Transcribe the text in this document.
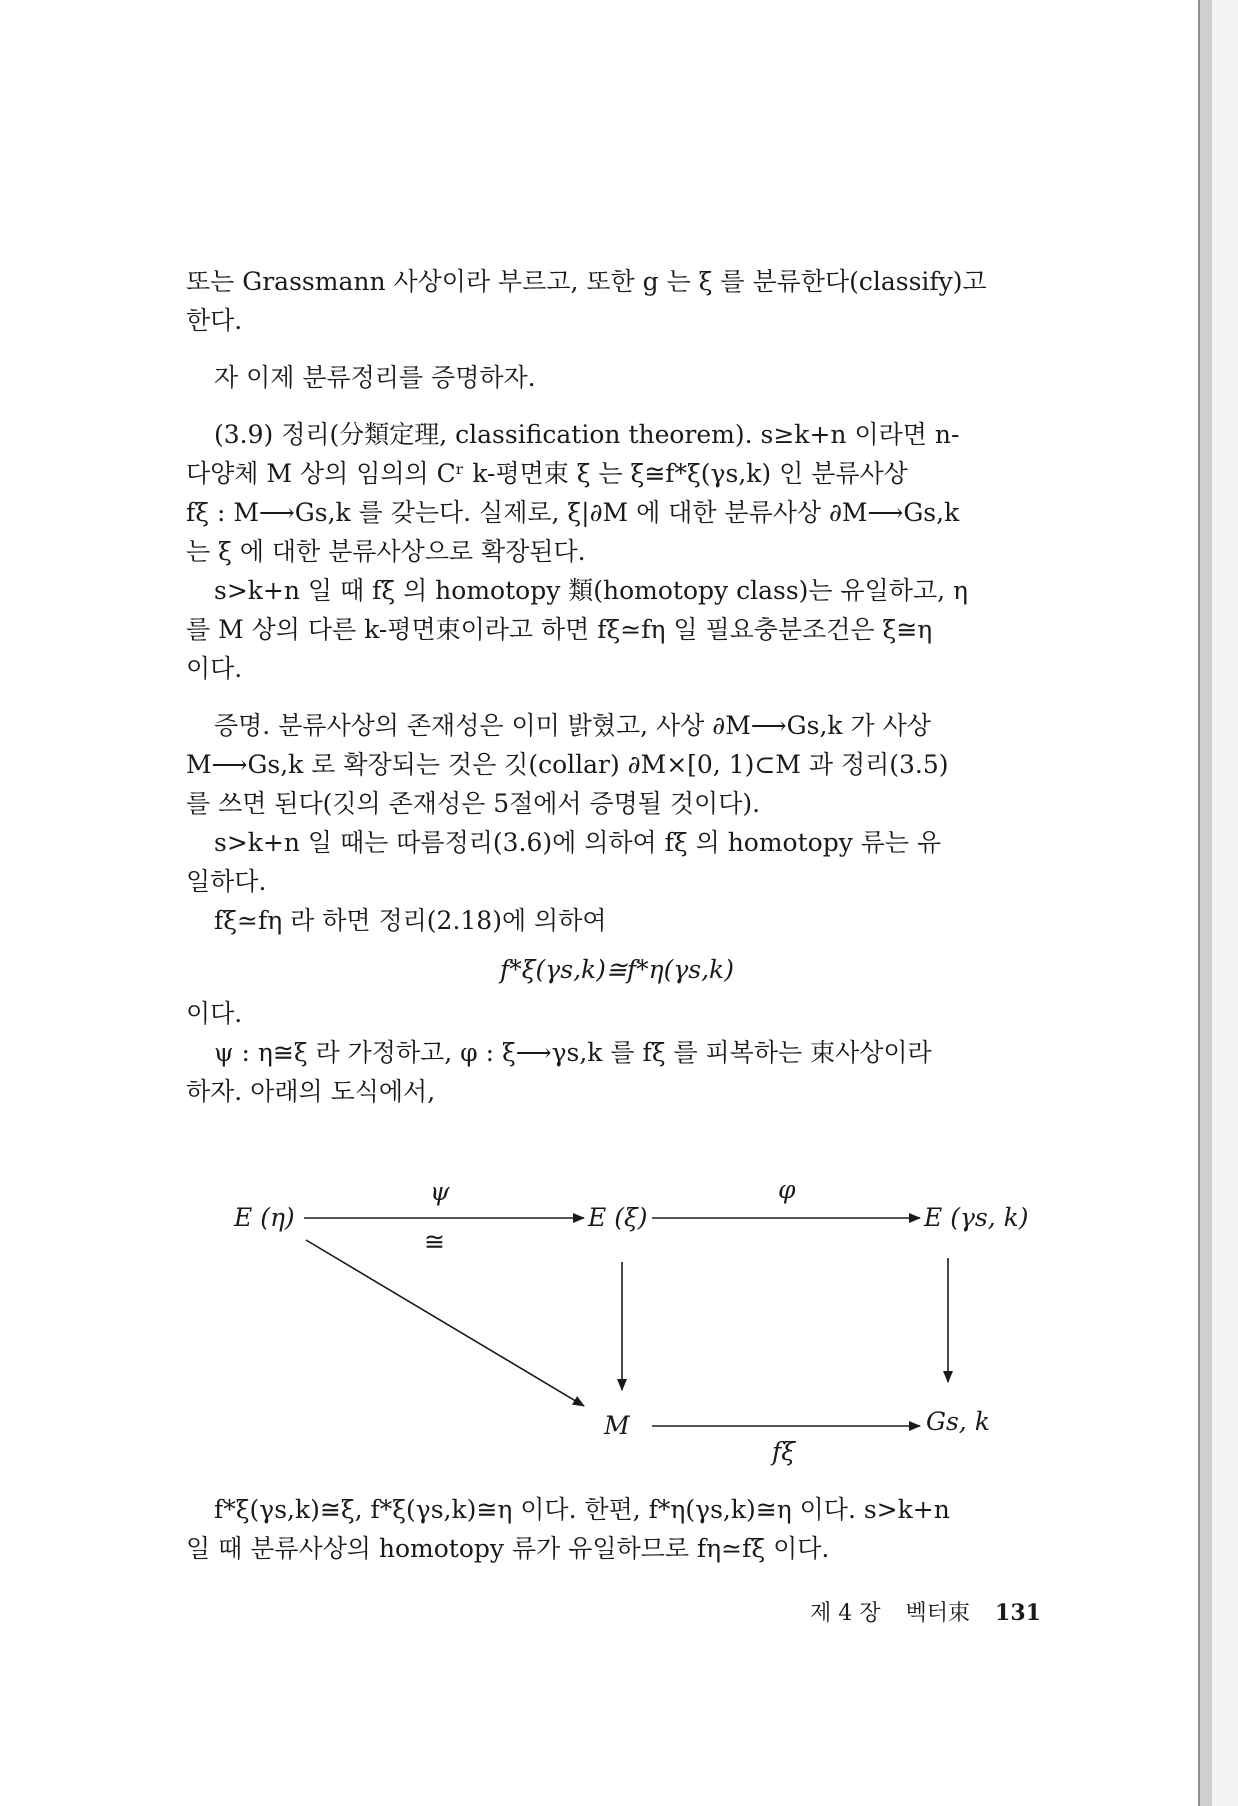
또는 Grassmann 사상이라 부르고, 또한 g 는 ξ 를 분류한다(classify)고
한다.
자 이제 분류정리를 증명하자.
(3.9) 정리(分類定理, classification theorem). s≥k+n 이라면 n-
다양체 M 상의 임의의 Cʳ k-평면束 ξ 는 ξ≅f*ξ(γs,k) 인 분류사상
fξ : M⟶Gs,k 를 갖는다. 실제로, ξ|∂M 에 대한 분류사상 ∂M⟶Gs,k
는 ξ 에 대한 분류사상으로 확장된다.
s>k+n 일 때 fξ 의 homotopy 類(homotopy class)는 유일하고, η
를 M 상의 다른 k-평면束이라고 하면 fξ≃fη 일 필요충분조건은 ξ≅η
이다.
증명. 분류사상의 존재성은 이미 밝혔고, 사상 ∂M⟶Gs,k 가 사상
M⟶Gs,k 로 확장되는 것은 깃(collar) ∂M×[0, 1)⊂M 과 정리(3.5)
를 쓰면 된다(깃의 존재성은 5절에서 증명될 것이다).
s>k+n 일 때는 따름정리(3.6)에 의하여 fξ 의 homotopy 류는 유
일하다.
fξ≃fη 라 하면 정리(2.18)에 의하여
f*ξ(γs,k)≅f*η(γs,k)
이다.
ψ : η≅ξ 라 가정하고, φ : ξ⟶γs,k 를 fξ 를 피복하는 束사상이라
하자. 아래의 도식에서,
E (η)	E (ξ)	E (γs, k)
M	Gs, k
ψ
≅
φ
fξ
f*ξ(γs,k)≅ξ, f*ξ(γs,k)≅η 이다. 한편, f*η(γs,k)≅η 이다. s>k+n
일 때 분류사상의 homotopy 류가 유일하므로 fη≃fξ 이다.
제 4 장 벡터束 131
